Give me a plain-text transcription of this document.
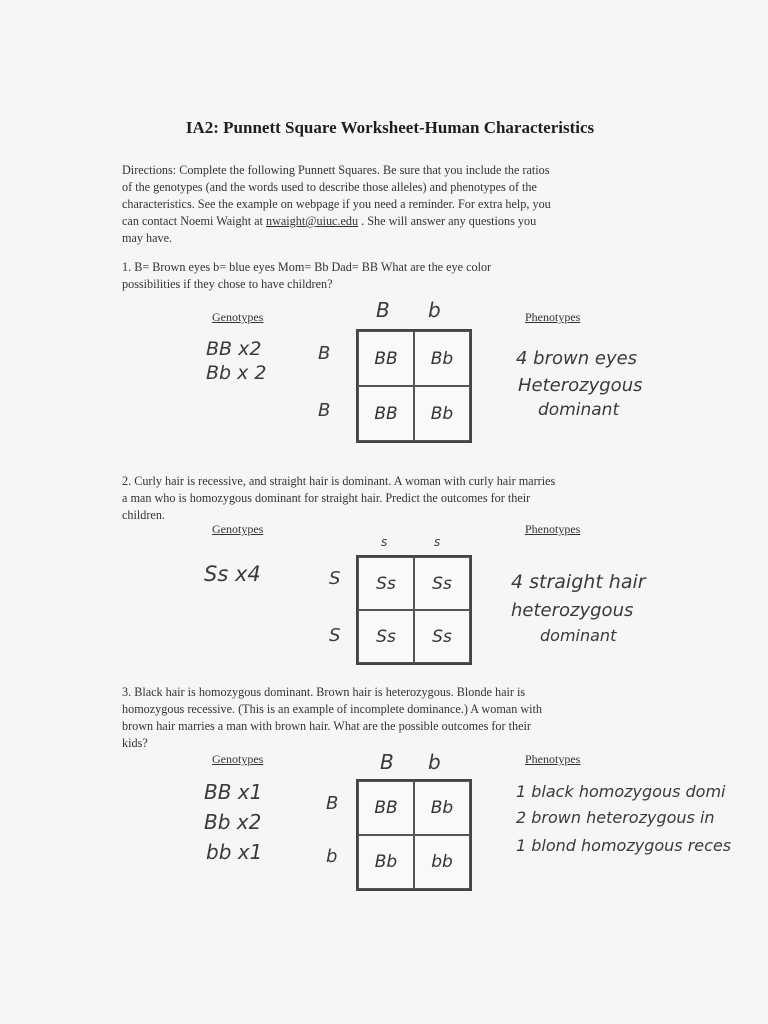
IA2: Punnett Square Worksheet-Human Characteristics
Directions: Complete the following Punnett Squares. Be sure that you include the ratios
of the genotypes (and the words used to describe those alleles) and phenotypes of the
characteristics. See the example on webpage if you need a reminder. For extra help, you
can contact Noemi Waight at nwaight@uiuc.edu . She will answer any questions you
may have.
1. B= Brown eyes b= blue eyes Mom= Bb Dad= BB What are the eye color
possibilities if they chose to have children?
Genotypes	Phenotypes
B b
B
B
BB	Bb
BB	Bb
BB x2
Bb x 2
4 brown eyes
Heterozygous
dominant
2. Curly hair is recessive, and straight hair is dominant. A woman with curly hair marries
a man who is homozygous dominant for straight hair. Predict the outcomes for their
children.
Genotypes	Phenotypes
s	s
S
S
Ss	Ss
Ss	Ss
Ss x4	4 straight hair
heterozygous
dominant
3. Black hair is homozygous dominant. Brown hair is heterozygous. Blonde hair is
homozygous recessive. (This is an example of incomplete dominance.) A woman with
brown hair marries a man with brown hair. What are the possible outcomes for their
kids?
Genotypes	Phenotypes
B b
B
b
BB	Bb
Bb	bb
BB x1
Bb x2
bb x1
1 black homozygous domi
2 brown heterozygous in
1 blond homozygous reces
